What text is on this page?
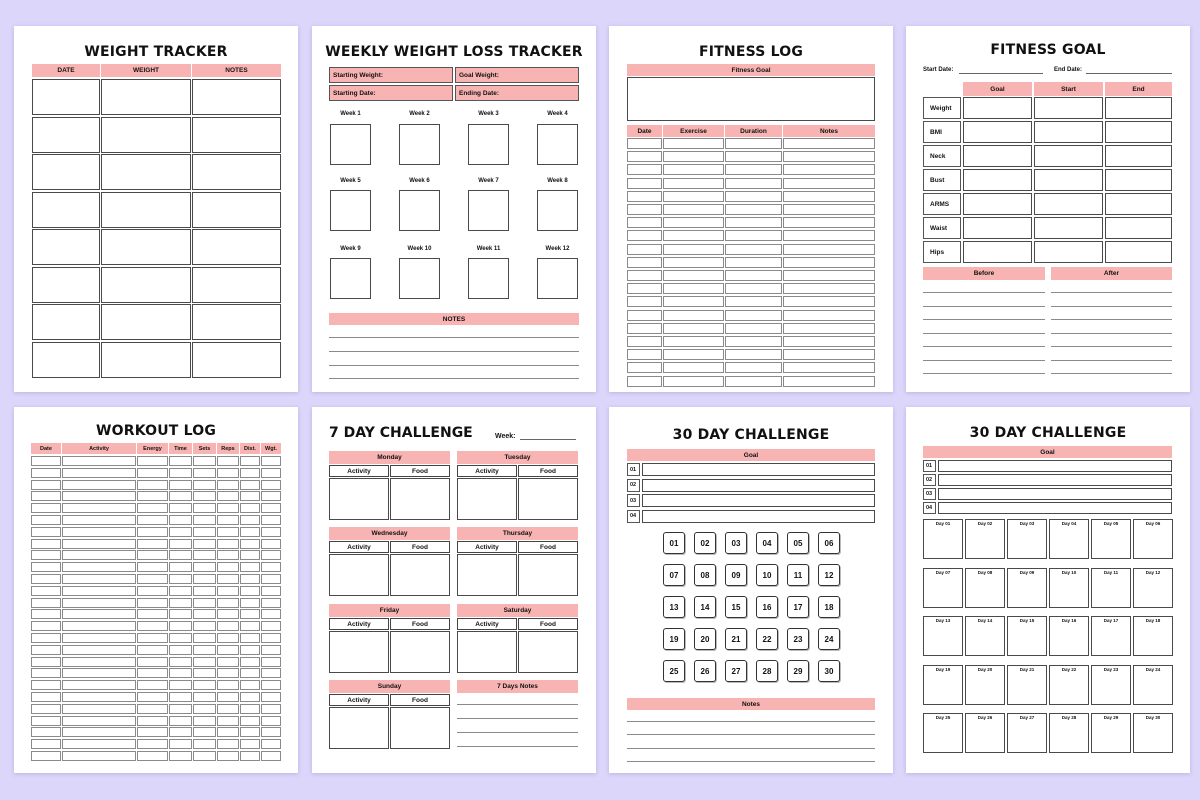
WEIGHT TRACKER
DATE	WEIGHT	NOTES
WEEKLY WEIGHT LOSS TRACKER
Starting Weight:	Goal Weight:
Starting Date:	Ending Date:
Week 1	Week 2	Week 3	Week 4
Week 5	Week 6	Week 7	Week 8
Week 9	Week 10	Week 11	Week 12
NOTES
FITNESS LOG
Fitness Goal
Date	Exercise	Duration	Notes
FITNESS GOAL
Start Date:	End Date:
Goal	Start	End
Weight
BMI
Neck
Bust
ARMS
Waist
Hips
Before	After
WORKOUT LOG
Date	Activity	Energy	Time	Sets	Reps	Dist.	Wgt.
7 DAY CHALLENGE	Week:
Monday
Activity	Food
Tuesday
Activity	Food
Wednesday
Activity	Food
Thursday
Activity	Food
Friday
Activity	Food
Saturday
Activity	Food
Sunday
Activity	Food
7 Days Notes
30 DAY CHALLENGE
Goal
01
02
03
04
01	02	03	04	05	06
07	08	09	10	11	12
13	14	15	16	17	18
19	20	21	22	23	24
25	26	27	28	29	30
Notes
30 DAY CHALLENGE
Goal
01
02
03
04
Day 01	Day 02	Day 03	Day 04	Day 05	Day 06
Day 07	Day 08	Day 09	Day 10	Day 11	Day 12
Day 13	Day 14	Day 15	Day 16	Day 17	Day 18
Day 19	Day 20	Day 21	Day 22	Day 23	Day 24
Day 25	Day 26	Day 27	Day 28	Day 29	Day 30
